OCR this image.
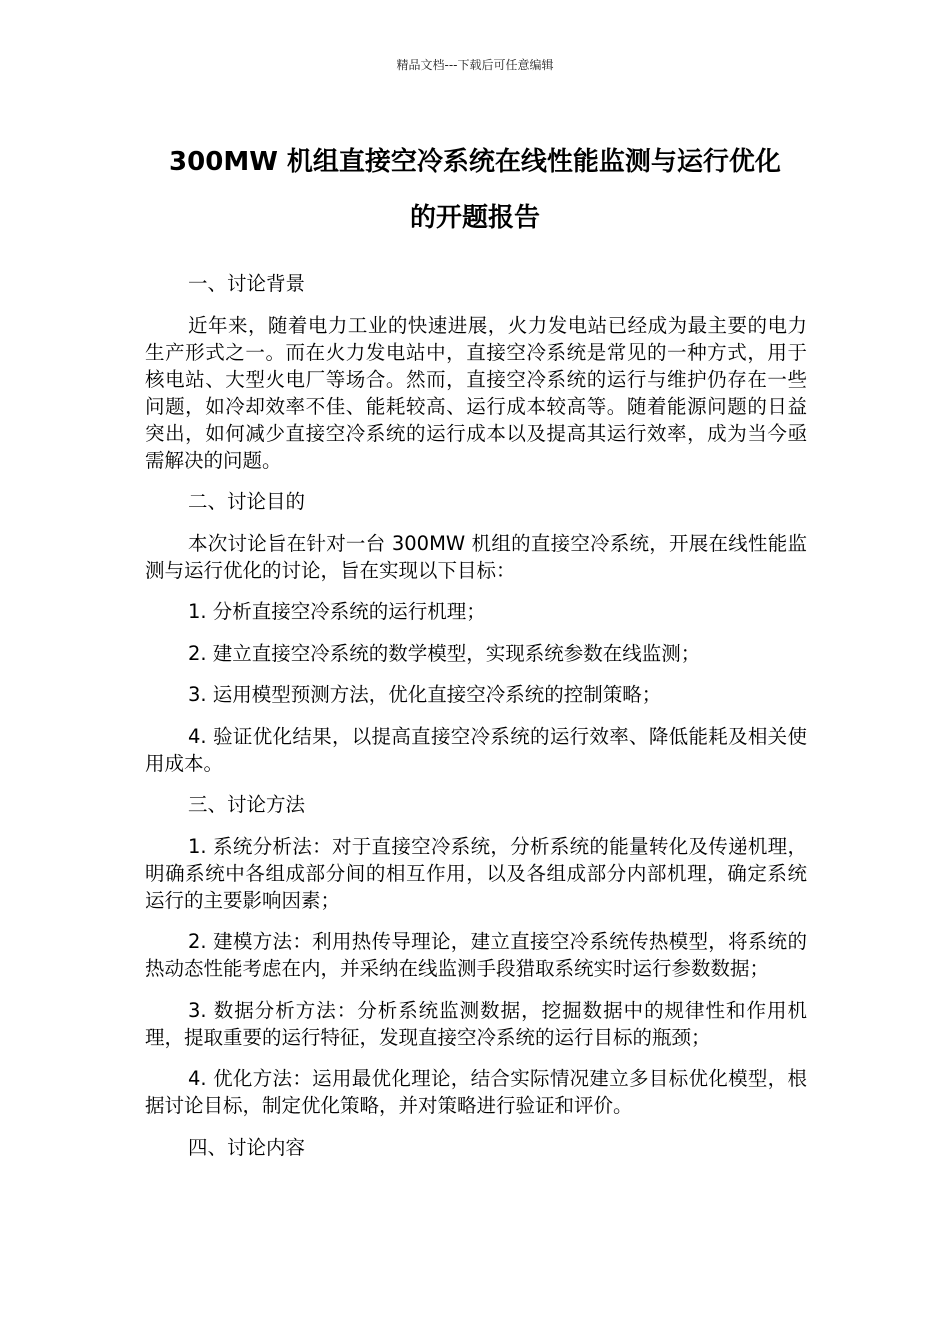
精品文档---下载后可任意编辑
300MW 机组直接空冷系统在线性能监测与运行优化
的开题报告

一、讨论背景

近年来，随着电力工业的快速进展，火力发电站已经成为最主要的电力生产形式之一。而在火力发电站中，直接空冷系统是常见的一种方式，用于核电站、大型火电厂等场合。然而，直接空冷系统的运行与维护仍存在一些问题，如冷却效率不佳、能耗较高、运行成本较高等。随着能源问题的日益突出，如何减少直接空冷系统的运行成本以及提高其运行效率，成为当今亟需解决的问题。

二、讨论目的

本次讨论旨在针对一台 300MW 机组的直接空冷系统，开展在线性能监测与运行优化的讨论，旨在实现以下目标：

1. 分析直接空冷系统的运行机理；

2. 建立直接空冷系统的数学模型，实现系统参数在线监测；

3. 运用模型预测方法，优化直接空冷系统的控制策略；

4. 验证优化结果，以提高直接空冷系统的运行效率、降低能耗及相关使用成本。

三、讨论方法

1. 系统分析法：对于直接空冷系统，分析系统的能量转化及传递机理，明确系统中各组成部分间的相互作用，以及各组成部分内部机理，确定系统运行的主要影响因素；

2. 建模方法：利用热传导理论，建立直接空冷系统传热模型，将系统的热动态性能考虑在内，并采纳在线监测手段猎取系统实时运行参数数据；

3. 数据分析方法：分析系统监测数据，挖掘数据中的规律性和作用机理，提取重要的运行特征，发现直接空冷系统的运行目标的瓶颈；

4. 优化方法：运用最优化理论，结合实际情况建立多目标优化模型，根据讨论目标，制定优化策略，并对策略进行验证和评价。

四、讨论内容
